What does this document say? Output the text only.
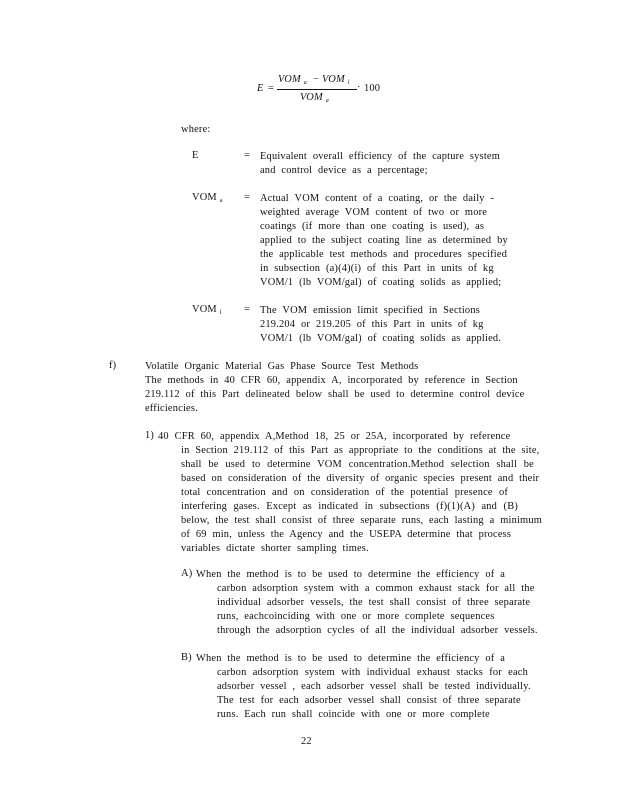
E =
VOM $_a$ − VOM $_l$
VOM $_a$
· 100
where:
E	= Equivalent overall efficiency of the capture system
and control device as a percentage;
VOM $_a$ = Actual VOM content of a coating, or the daily -
weighted average VOM content of two or more
coatings (if more than one coating is used), as
applied to the subject coating line as determined by
the applicable test methods and procedures specified
in subsection (a)(4)(i) of this Part in units of kg
VOM/1 (lb VOM/gal) of coating solids as applied;
VOM $_l$ = The VOM emission limit specified in Sections
219.204 or 219.205 of this Part in units of kg
VOM/1 (lb VOM/gal) of coating solids as applied.
f)	Volatile Organic Material Gas Phase Source Test Methods
The methods in 40 CFR 60, appendix A, incorporated by reference in Section
219.112 of this Part delineated below shall be used to determine control device
efficiencies.
1) 40 CFR 60, appendix A,Method 18, 25 or 25A, incorporated by reference
in Section 219.112 of this Part as appropriate to the conditions at the site,
shall be used to determine VOM concentration.Method selection shall be
based on consideration of the diversity of organic species present and their
total concentration and on consideration of the potential presence of
interfering gases. Except as indicated in subsections (f)(1)(A) and (B)
below, the test shall consist of three separate runs, each lasting a minimum
of 69 min, unless the Agency and the USEPA determine that process
variables dictate shorter sampling times.
A) When the method is to be used to determine the efficiency of a
carbon adsorption system with a common exhaust stack for all the
individual adsorber vessels, the test shall consist of three separate
runs, eachcoinciding with one or more complete sequences
through the adsorption cycles of all the individual adsorber vessels.
B) When the method is to be used to determine the efficiency of a
carbon adsorption system with individual exhaust stacks for each
adsorber vessel , each adsorber vessel shall be tested individually.
The test for each adsorber vessel shall consist of three separate
runs. Each run shall coincide with one or more complete
22
